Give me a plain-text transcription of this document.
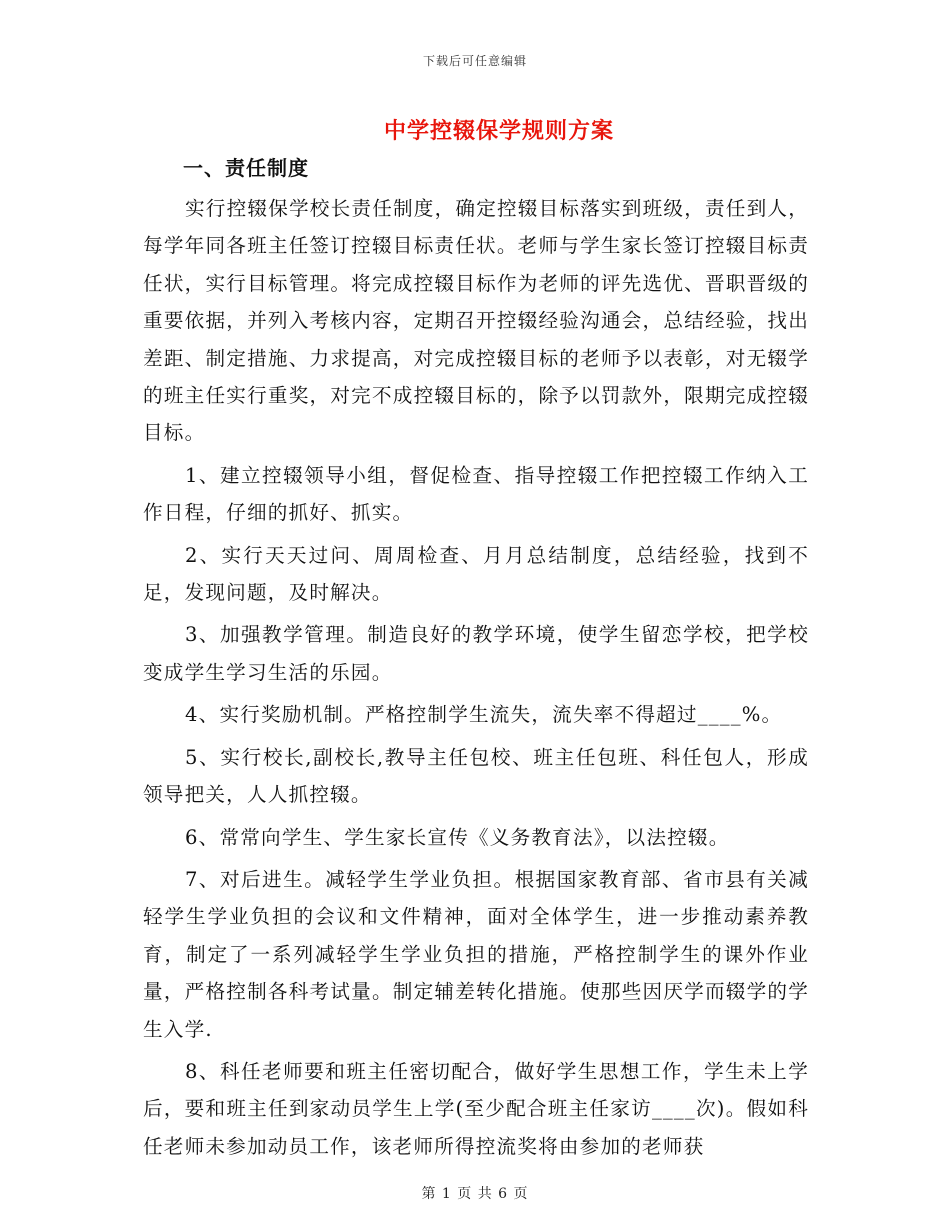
下载后可任意编辑
中学控辍保学规则方案
一、责任制度

实行控辍保学校长责任制度，确定控辍目标落实到班级，责任到人，每学年同各班主任签订控辍目标责任状。老师与学生家长签订控辍目标责任状，实行目标管理。将完成控辍目标作为老师的评先选优、晋职晋级的重要依据，并列入考核内容，定期召开控辍经验沟通会，总结经验，找出差距、制定措施、力求提高，对完成控辍目标的老师予以表彰，对无辍学的班主任实行重奖，对完不成控辍目标的，除予以罚款外，限期完成控辍目标。

1、建立控辍领导小组，督促检查、指导控辍工作把控辍工作纳入工作日程，仔细的抓好、抓实。

2、实行天天过问、周周检查、月月总结制度，总结经验，找到不足，发现问题，及时解决。

3、加强教学管理。制造良好的教学环境，使学生留恋学校，把学校变成学生学习生活的乐园。

4、实行奖励机制。严格控制学生流失，流失率不得超过____%。

5、实行校长,副校长,教导主任包校、班主任包班、科任包人，形成领导把关，人人抓控辍。

6、常常向学生、学生家长宣传《义务教育法》，以法控辍。

7、对后进生。减轻学生学业负担。根据国家教育部、省市县有关减轻学生学业负担的会议和文件精神，面对全体学生，进一步推动素养教育，制定了一系列减轻学生学业负担的措施，严格控制学生的课外作业量，严格控制各科考试量。制定辅差转化措施。使那些因厌学而辍学的学生入学.

8、科任老师要和班主任密切配合，做好学生思想工作，学生未上学后，要和班主任到家动员学生上学(至少配合班主任家访____次)。假如科任老师未参加动员工作，该老师所得控流奖将由参加的老师获

第 1 页 共 6 页
